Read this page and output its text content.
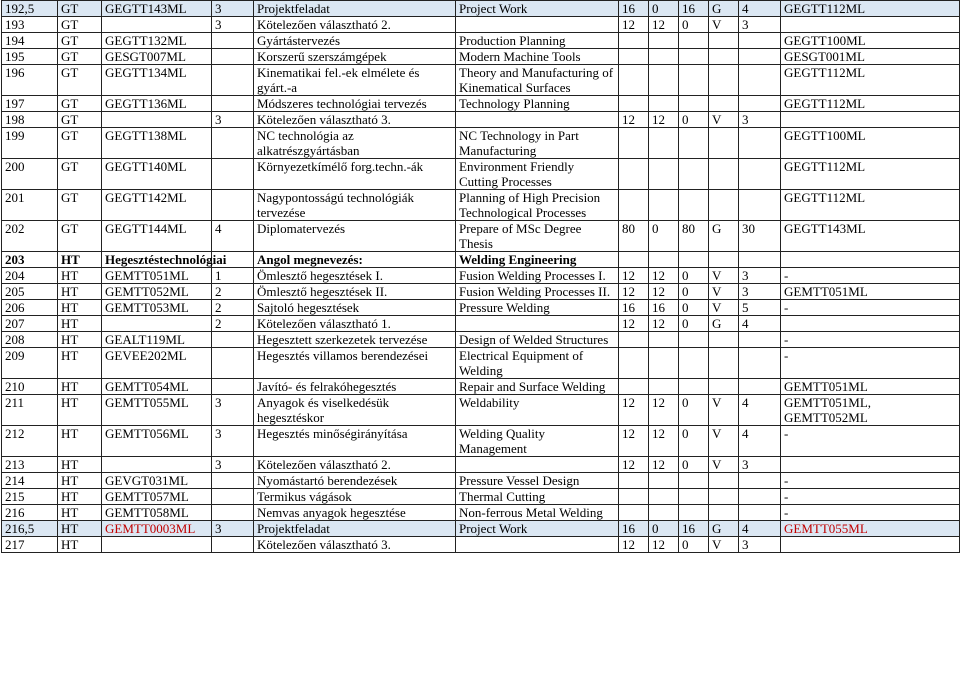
192,5	GT	GEGTT143ML	3	Projektfeladat	Project Work	16	0	16	G	4	GEGTT112ML
193	GT		3	Kötelezően választható 2.		12	12	0	V	3	
194	GT	GEGTT132ML		Gyártástervezés	Production Planning						GEGTT100ML
195	GT	GESGT007ML		Korszerű szerszámgépek	Modern Machine Tools						GESGT001ML
196	GT	GEGTT134ML		Kinematikai fel.-ek elmélete és gyárt.-a	Theory and Manufacturing of Kinematical Surfaces						GEGTT112ML
197	GT	GEGTT136ML		Módszeres technológiai tervezés	Technology Planning						GEGTT112ML
198	GT		3	Kötelezően választható 3.		12	12	0	V	3	
199	GT	GEGTT138ML		NC technológia az alkatrészgyártásban	NC Technology in Part Manufacturing						GEGTT100ML
200	GT	GEGTT140ML		Környezetkímélő forg.techn.-ák	Environment Friendly Cutting Processes						GEGTT112ML
201	GT	GEGTT142ML		Nagypontosságú technológiák tervezése	Planning of High Precision Technological Processes						GEGTT112ML
202	GT	GEGTT144ML	4	Diplomatervezés	Prepare of MSc Degree Thesis	80	0	80	G	30	GEGTT143ML
203	HT	Hegesztéstechnológiai		Angol megnevezés:	Welding Engineering						
204	HT	GEMTT051ML	1	Ömlesztő hegesztések I.	Fusion Welding Processes I.	12	12	0	V	3	-
205	HT	GEMTT052ML	2	Ömlesztő hegesztések II.	Fusion Welding Processes II.	12	12	0	V	3	GEMTT051ML
206	HT	GEMTT053ML	2	Sajtoló hegesztések	Pressure Welding	16	16	0	V	5	-
207	HT		2	Kötelezően választható 1.		12	12	0	G	4	
208	HT	GEALT119ML		Hegesztett szerkezetek tervezése	Design of Welded Structures						-
209	HT	GEVEE202ML		Hegesztés villamos berendezései	Electrical Equipment of Welding						-
210	HT	GEMTT054ML		Javító- és felrakóhegesztés	Repair and Surface Welding						GEMTT051ML
211	HT	GEMTT055ML	3	Anyagok és viselkedésük hegesztéskor	Weldability	12	12	0	V	4	GEMTT051ML, GEMTT052ML
212	HT	GEMTT056ML	3	Hegesztés minőségirányítása	Welding Quality Management	12	12	0	V	4	-
213	HT		3	Kötelezően választható 2.		12	12	0	V	3	
214	HT	GEVGT031ML		Nyomástartó berendezések	Pressure Vessel Design						-
215	HT	GEMTT057ML		Termikus vágások	Thermal Cutting						-
216	HT	GEMTT058ML		Nemvas anyagok hegesztése	Non-ferrous Metal Welding						-
216,5	HT	GEMTT0003ML	3	Projektfeladat	Project Work	16	0	16	G	4	GEMTT055ML
217	HT			Kötelezően választható 3.		12	12	0	V	3	
